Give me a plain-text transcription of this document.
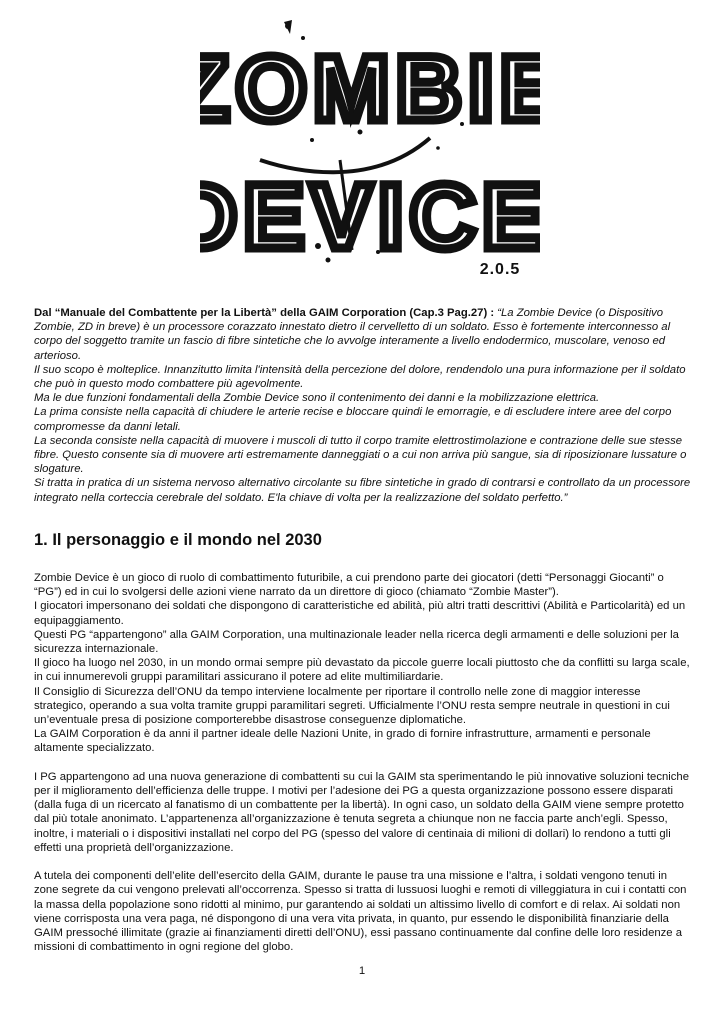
ZOMBIE
DEVICE
2.0.5

Dal “Manuale del Combattente per la Libertà” della GAIM Corporation (Cap.3 Pag.27) : “La Zombie Device (o Dispositivo Zombie, ZD in breve) è un processore corazzato innestato dietro il cervelletto di un soldato. Esso è fortemente interconnesso al corpo del soggetto tramite un fascio di fibre sintetiche che lo avvolge interamente a livello endodermico, muscolare, venoso ed arterioso.

Il suo scopo è molteplice. Innanzitutto limita l'intensità della percezione del dolore, rendendolo una pura informazione per il soldato che può in questo modo combattere più agevolmente.

Ma le due funzioni fondamentali della Zombie Device sono il contenimento dei danni e la mobilizzazione elettrica.

La prima consiste nella capacità di chiudere le arterie recise e bloccare quindi le emorragie, e di escludere intere aree del corpo compromesse da danni letali.

La seconda consiste nella capacità di muovere i muscoli di tutto il corpo tramite elettrostimolazione e contrazione delle sue stesse fibre. Questo consente sia di muovere arti estremamente danneggiati o a cui non arriva più sangue, sia di riposizionare lussature o slogature.

Si tratta in pratica di un sistema nervoso alternativo circolante su fibre sintetiche in grado di contrarsi e controllato da un processore integrato nella corteccia cerebrale del soldato. E'la chiave di volta per la realizzazione del soldato perfetto.”

1. Il personaggio e il mondo nel 2030

Zombie Device è un gioco di ruolo di combattimento futuribile, a cui prendono parte dei giocatori (detti “Personaggi Giocanti” o “PG”) ed in cui lo svolgersi delle azioni viene narrato da un direttore di gioco (chiamato “Zombie Master”).

I giocatori impersonano dei soldati che dispongono di caratteristiche ed abilità, più altri tratti descrittivi (Abilità e Particolarità) ed un equipaggiamento.

Questi PG “appartengono” alla GAIM Corporation, una multinazionale leader nella ricerca degli armamenti e delle soluzioni per la sicurezza internazionale.

Il gioco ha luogo nel 2030, in un mondo ormai sempre più devastato da piccole guerre locali piuttosto che da conflitti su larga scale, in cui innumerevoli gruppi paramilitari assicurano il potere ad elite multimiliardarie.

Il Consiglio di Sicurezza dell’ONU da tempo interviene localmente per riportare il controllo nelle zone di maggior interesse strategico, operando a sua volta tramite gruppi paramilitari segreti. Ufficialmente l’ONU resta sempre neutrale in questioni in cui un’eventuale presa di posizione comporterebbe disastrose conseguenze diplomatiche.

La GAIM Corporation è da anni il partner ideale delle Nazioni Unite, in grado di fornire infrastrutture, armamenti e personale altamente specializzato.

I PG appartengono ad una nuova generazione di combattenti su cui la GAIM sta sperimentando le più innovative soluzioni tecniche per il miglioramento dell’efficienza delle truppe. I motivi per l’adesione dei PG a questa organizzazione possono essere disparati (dalla fuga di un ricercato al fanatismo di un combattente per la libertà). In ogni caso, un soldato della GAIM viene sempre protetto dal più totale anonimato. L’appartenenza all’organizzazione è tenuta segreta a chiunque non ne faccia parte anch’egli. Spesso, inoltre, i materiali o i dispositivi installati nel corpo del PG (spesso del valore di centinaia di milioni di dollari) lo rendono a tutti gli effetti una proprietà dell’organizzazione.

A tutela dei componenti dell’elite dell’esercito della GAIM, durante le pause tra una missione e l’altra, i soldati vengono tenuti in zone segrete da cui vengono prelevati all’occorrenza. Spesso si tratta di lussuosi luoghi e remoti di villeggiatura in cui i contatti con la massa della popolazione sono ridotti al minimo, pur garantendo ai soldati un altissimo livello di comfort e di relax. Ai soldati non viene corrisposta una vera paga, né dispongono di una vera vita privata, in quanto, pur essendo le disponibilità finanziarie della GAIM pressoché illimitate (grazie ai finanziamenti diretti dell’ONU), essi passano continuamente dal confine delle loro residenze a missioni di combattimento in ogni regione del globo.

1
